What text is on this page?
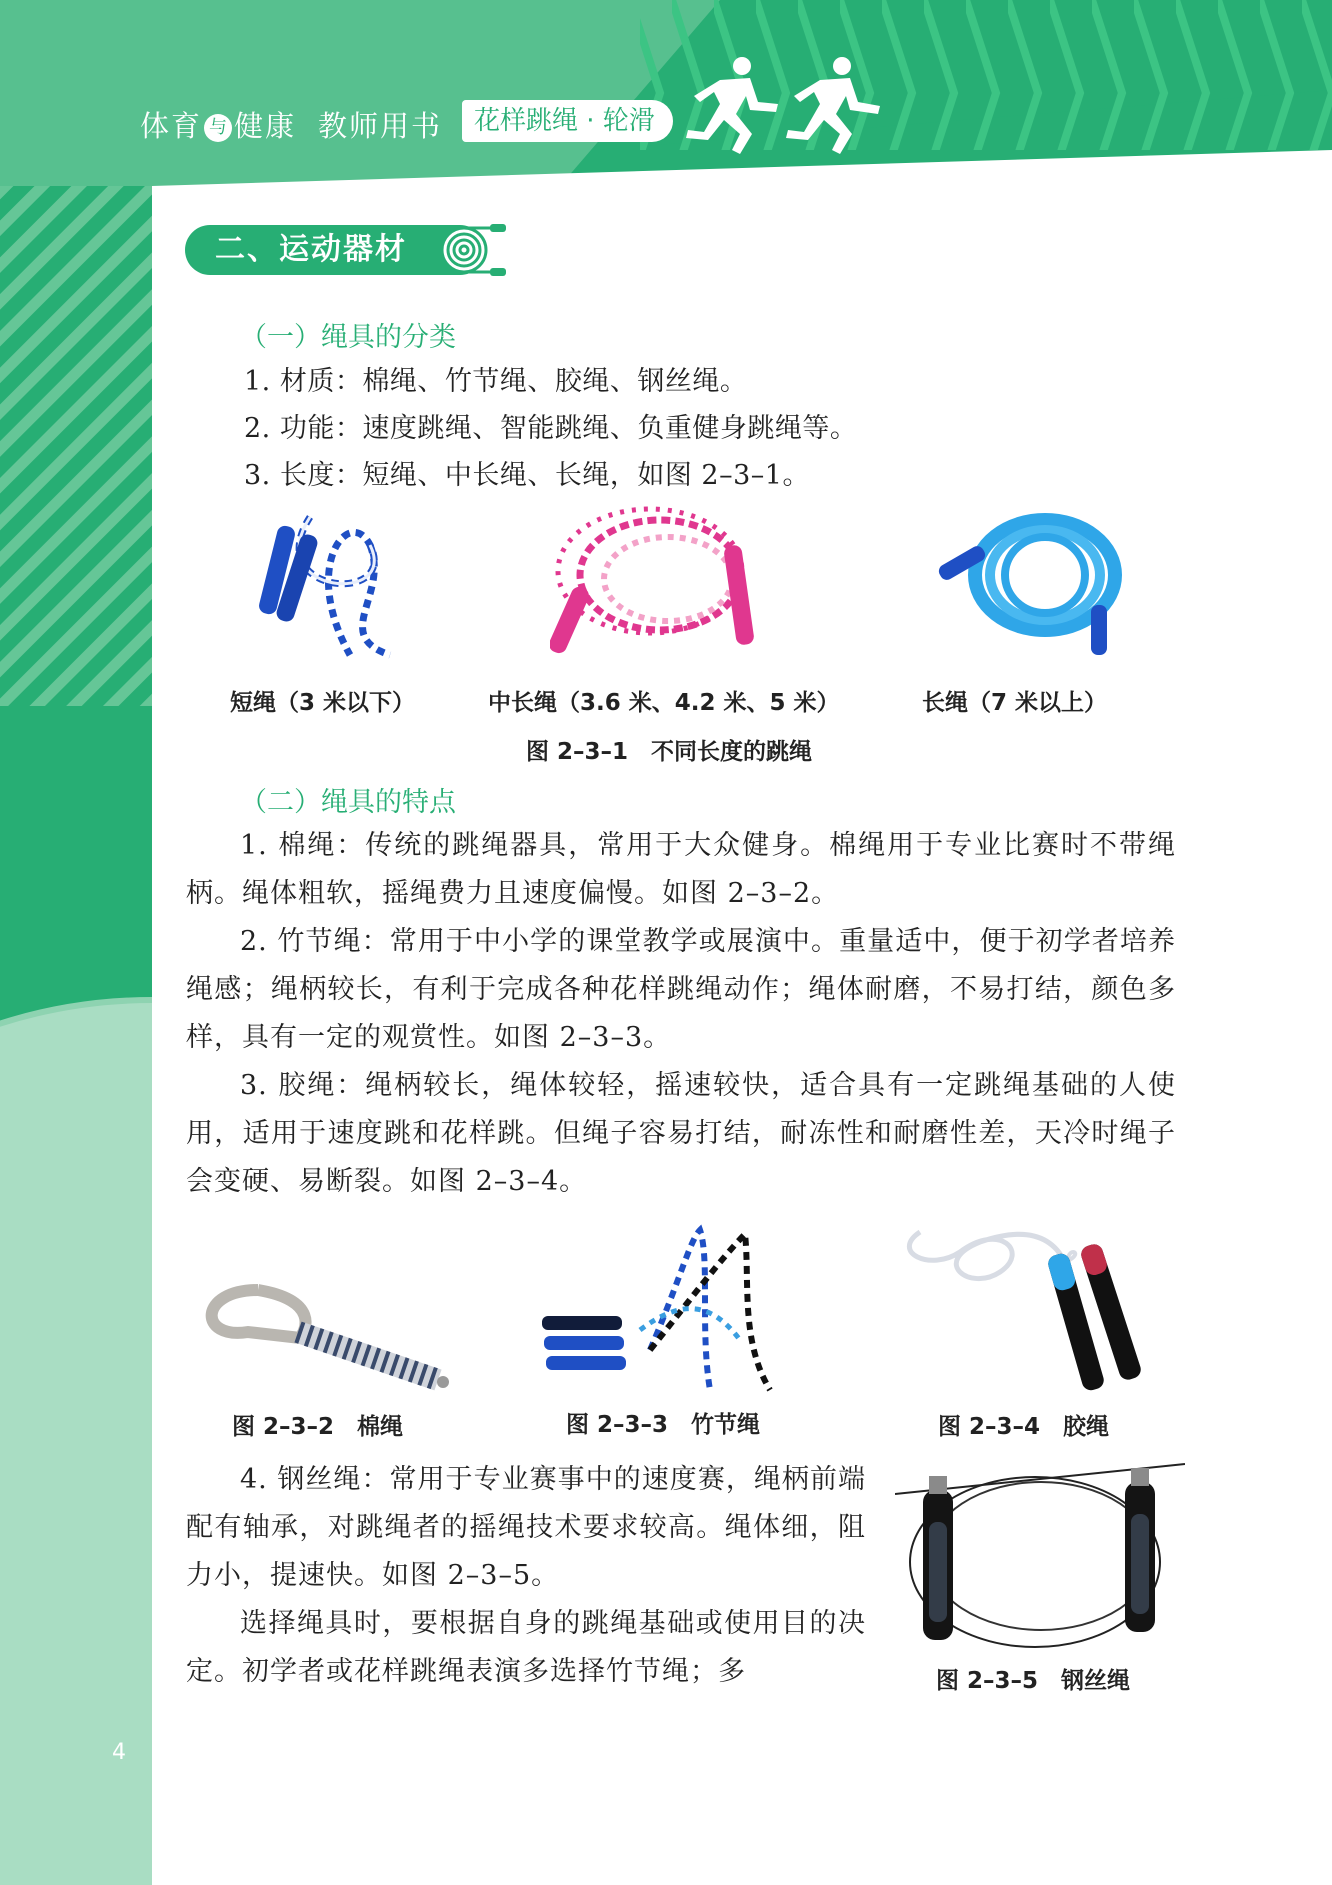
体育 与 健康 教师用书	花样跳绳 · 轮滑
二、运动器材
（一）绳具的分类
1. 材质：棉绳、竹节绳、胶绳、钢丝绳。
2. 功能：速度跳绳、智能跳绳、负重健身跳绳等。
3. 长度：短绳、中长绳、长绳，如图 2–3–1。
短绳（3 米以下）	中长绳（3.6 米、4.2 米、5 米）	长绳（7 米以上）
图 2–3–1　不同长度的跳绳
（二）绳具的特点
1. 棉绳：传统的跳绳器具，常用于大众健身。棉绳用于专业比赛时不带绳柄。绳体粗软，摇绳费力且速度偏慢。如图 2–3–2。
2. 竹节绳：常用于中小学的课堂教学或展演中。重量适中，便于初学者培养绳感；绳柄较长，有利于完成各种花样跳绳动作；绳体耐磨，不易打结，颜色多样，具有一定的观赏性。如图 2–3–3。
3. 胶绳：绳柄较长，绳体较轻，摇速较快，适合具有一定跳绳基础的人使用，适用于速度跳和花样跳。但绳子容易打结，耐冻性和耐磨性差，天冷时绳子会变硬、易断裂。如图 2–3–4。
图 2–3–2　棉绳	图 2–3–3　竹节绳	图 2–3–4　胶绳
4. 钢丝绳：常用于专业赛事中的速度赛，绳柄前端配有轴承，对跳绳者的摇绳技术要求较高。绳体细，阻力小，提速快。如图 2–3–5。
选择绳具时，要根据自身的跳绳基础或使用目的决定。初学者或花样跳绳表演多选择竹节绳；多	图 2–3–5　钢丝绳
4
